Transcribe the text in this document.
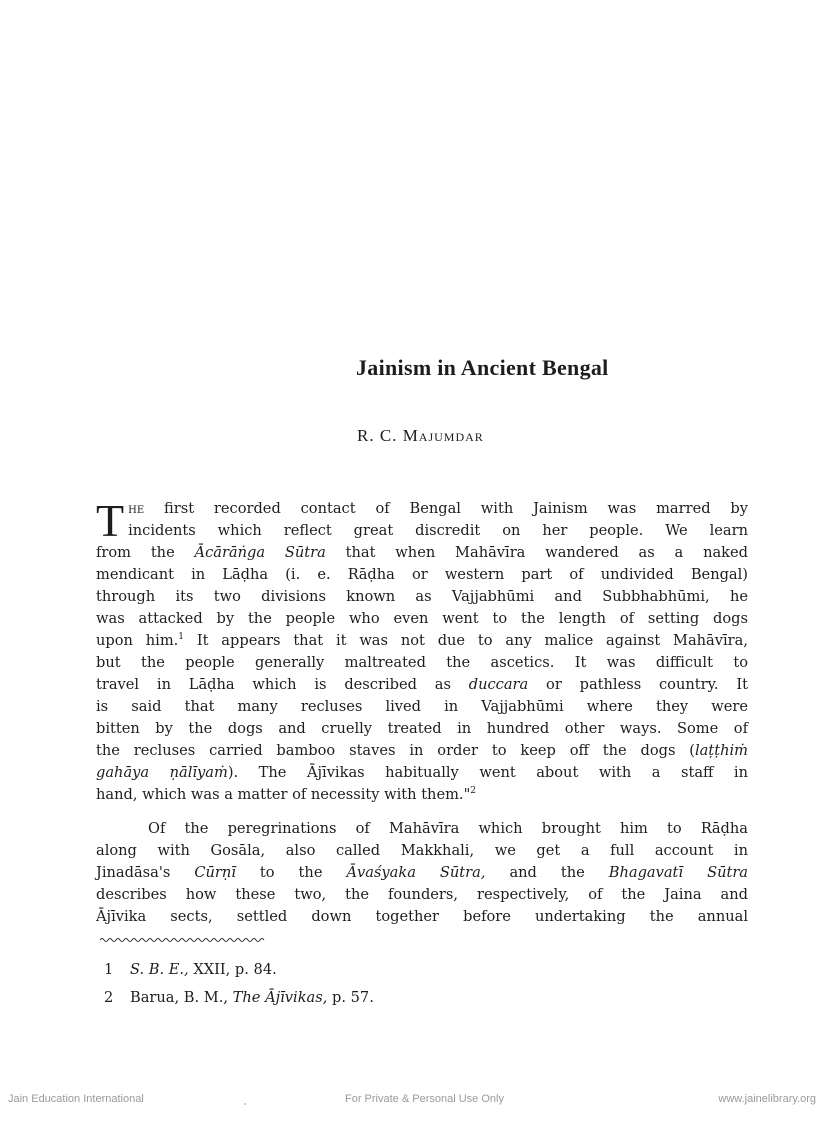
Jainism in Ancient Bengal

R. C. Majumdar

T he first recorded contact of Bengal with Jainism was marred by
incidents which reflect great discredit on her people. We learn
from the Ācārāṅga Sūtra that when Mahāvīra wandered as a naked
mendicant in Lāḍha (i. e. Rāḍha or western part of undivided Bengal)
through its two divisions known as Vajjabhūmi and Subbhabhūmi, he
was attacked by the people who even went to the length of setting dogs
upon him.$^1$ It appears that it was not due to any malice against Mahāvīra,
but the people generally maltreated the ascetics. It was difficult to
travel in Lāḍha which is described as duccara or pathless country. It
is said that many recluses lived in Vajjabhūmi where they were
bitten by the dogs and cruelly treated in hundred other ways. Some of
the recluses carried bamboo staves in order to keep off the dogs (laṭṭhiṁ
gahāya ṇālīyaṁ). The Ājīvikas habitually went about with a staff in
hand, which was a matter of necessity with them."$^2$
Of the peregrinations of Mahāvīra which brought him to Rāḍha
along with Gosāla, also called Makkhali, we get a full account in
Jinadāsa's Cūrṇī to the Āvaśyaka Sūtra, and the Bhagavatī Sūtra
describes how these two, the founders, respectively, of the Jaina and
Ājīvika sects, settled down together before undertaking the annual
1 S. B. E., XXII, p. 84.
2 Barua, B. M., The Ājīvikas, p. 57.
Jain Education International	For Private & Personal Use Only	www.jainelibrary.org
